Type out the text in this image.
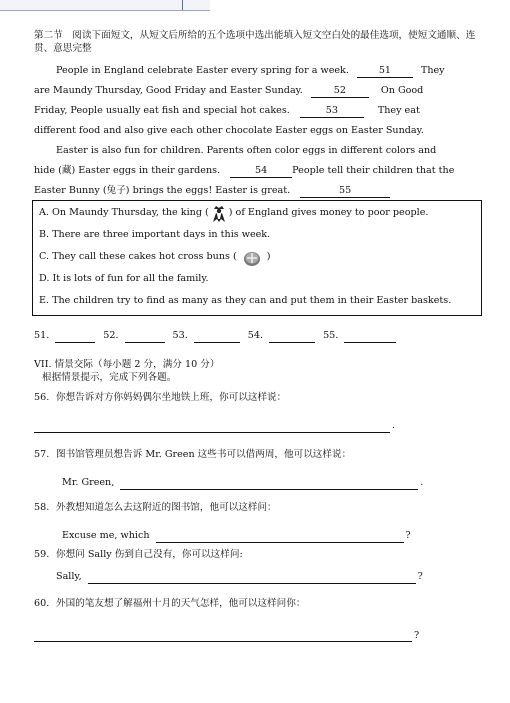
第二节　阅读下面短文，从短文后所给的五个选项中选出能填入短文空白处的最佳选项，使短文通顺、连贯、意思完整
People in England celebrate Easter every spring for a week.	51	They
are Maundy Thursday, Good Friday and Easter Sunday.	52	On Good
Friday, People usually eat fish and special hot cakes.	53	They eat
different food and also give each other chocolate Easter eggs on Easter Sunday.
Easter is also fun for children. Parents often color eggs in different colors and
hide (藏) Easter eggs in their gardens.	54	People tell their children that the
Easter Bunny (兔子) brings the eggs! Easter is great.	55
A. On Maundy Thursday, the king ( ) of England gives money to poor people.
B. There are three important days in this week.
C. They call these cakes hot cross buns (	)
D. It is lots of fun for all the family.
E. The children try to find as many as they can and put them in their Easter baskets.
51.	52.	53.	54.	55.
VII. 情景交际（每小题 2 分，满分 10 分）
根据情景提示，完成下列各题。
56. 你想告诉对方你妈妈偶尔坐地铁上班，你可以这样说：
.
57. 图书馆管理员想告诉 Mr. Green 这些书可以借两周，他可以这样说：
Mr. Green,	.
58. 外教想知道怎么去这附近的图书馆，他可以这样问：
Excuse me, which	?
59. 你想问 Sally 伤到自己没有，你可以这样问:
Sally,	?
60. 外国的笔友想了解福州十月的天气怎样，他可以这样问你：
?
